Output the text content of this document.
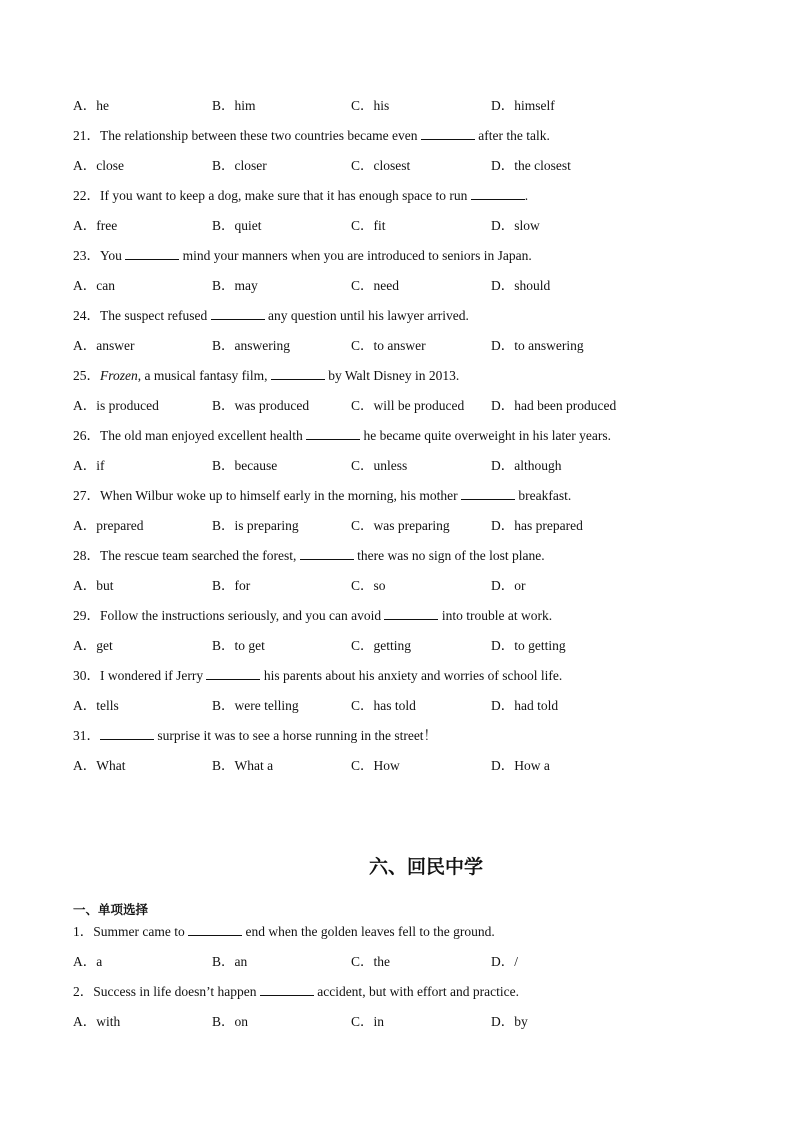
A．he	B．him	C．his	D．himself
21．The relationship between these two countries became even	after the talk.
A．close	B．closer	C．closest	D．the closest
22．If you want to keep a dog, make sure that it has enough space to run	.
A．free	B．quiet	C．fit	D．slow
23．You	mind your manners when you are introduced to seniors in Japan.
A．can	B．may	C．need	D．should
24．The suspect refused	any question until his lawyer arrived.
A．answer	B．answering	C．to answer	D．to answering
25．Frozen, a musical fantasy film,	by Walt Disney in 2013.
A．is produced	B．was produced	C．will be produced D．had been produced
26．The old man enjoyed excellent health	he became quite overweight in his later years.
A．if	B．because	C．unless	D．although
27．When Wilbur woke up to himself early in the morning, his mother	breakfast.
A．prepared	B．is preparing	C．was preparing	D．has prepared
28．The rescue team searched the forest,	there was no sign of the lost plane.
A．but	B．for	C．so	D．or
29．Follow the instructions seriously, and you can avoid	into trouble at work.
A．get	B．to get	C．getting	D．to getting
30．I wondered if Jerry	his parents about his anxiety and worries of school life.
A．tells	B．were telling	C．has told	D．had told
31．	surprise it was to see a horse running in the street！
A．What	B．What a	C．How	D．How a
六、回民中学
一、单项选择
1．Summer came to	end when the golden leaves fell to the ground.
A．a	B．an	C．the	D．/
2．Success in life doesn’t happen	accident, but with effort and practice.
A．with	B．on	C．in	D．by
